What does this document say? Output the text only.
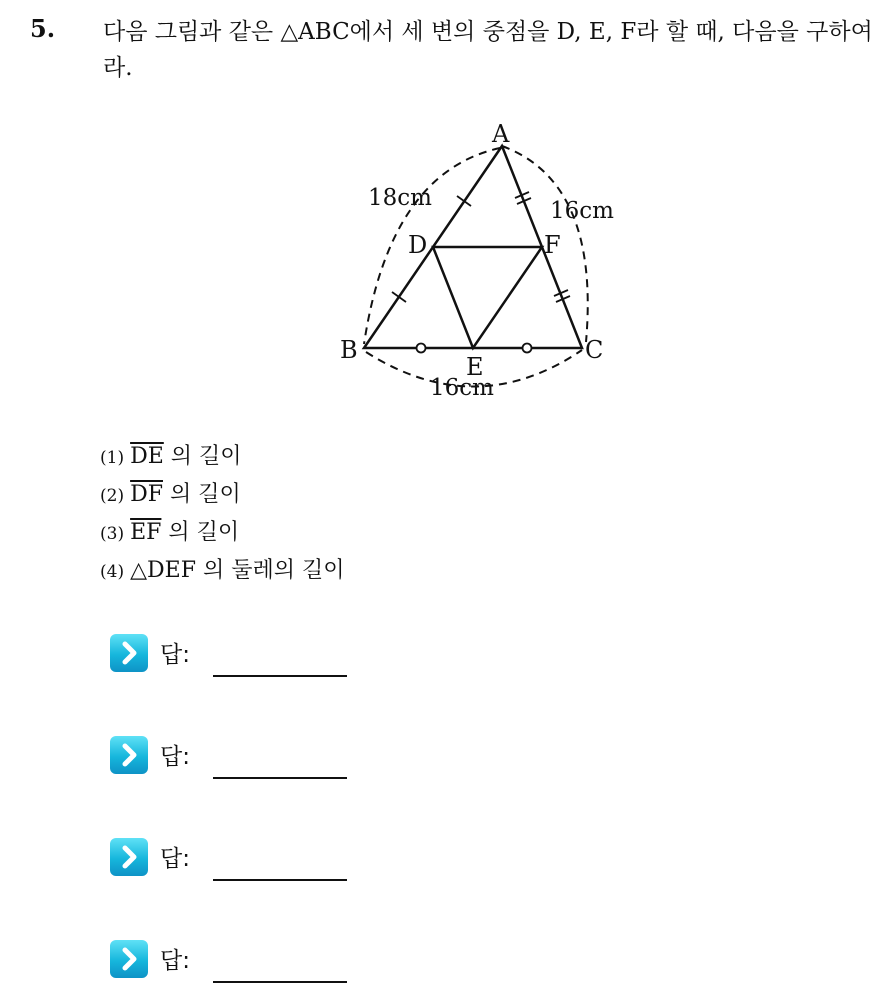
5. 다음 그림과 같은 △ABC에서 세 변의 중점을 D, E, F라 할 때, 다음을 구하여라.
A
B	C
D
E
F
18cm	16cm
16cm
(1) $\overline{DE}$ 의 길이
(2) $\overline{DF}$ 의 길이
(3) $\overline{EF}$ 의 길이
(4) △DEF 의 둘레의 길이
답:
답:
답:
답:
